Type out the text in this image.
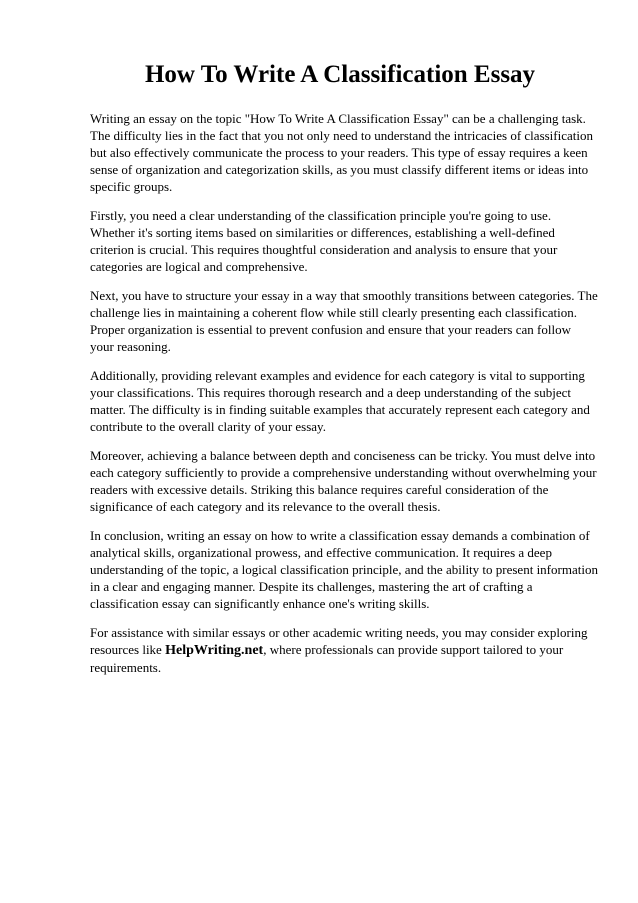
How To Write A Classification Essay

Writing an essay on the topic "How To Write A Classification Essay" can be a challenging task. The difficulty lies in the fact that you not only need to understand the intricacies of classification but also effectively communicate the process to your readers. This type of essay requires a keen sense of organization and categorization skills, as you must classify different items or ideas into specific groups.

Firstly, you need a clear understanding of the classification principle you're going to use. Whether it's sorting items based on similarities or differences, establishing a well-defined criterion is crucial. This requires thoughtful consideration and analysis to ensure that your categories are logical and comprehensive.

Next, you have to structure your essay in a way that smoothly transitions between categories. The challenge lies in maintaining a coherent flow while still clearly presenting each classification. Proper organization is essential to prevent confusion and ensure that your readers can follow your reasoning.

Additionally, providing relevant examples and evidence for each category is vital to supporting your classifications. This requires thorough research and a deep understanding of the subject matter. The difficulty is in finding suitable examples that accurately represent each category and contribute to the overall clarity of your essay.

Moreover, achieving a balance between depth and conciseness can be tricky. You must delve into each category sufficiently to provide a comprehensive understanding without overwhelming your readers with excessive details. Striking this balance requires careful consideration of the significance of each category and its relevance to the overall thesis.

In conclusion, writing an essay on how to write a classification essay demands a combination of analytical skills, organizational prowess, and effective communication. It requires a deep understanding of the topic, a logical classification principle, and the ability to present information in a clear and engaging manner. Despite its challenges, mastering the art of crafting a classification essay can significantly enhance one's writing skills.

For assistance with similar essays or other academic writing needs, you may consider exploring resources like HelpWriting.net, where professionals can provide support tailored to your requirements.
